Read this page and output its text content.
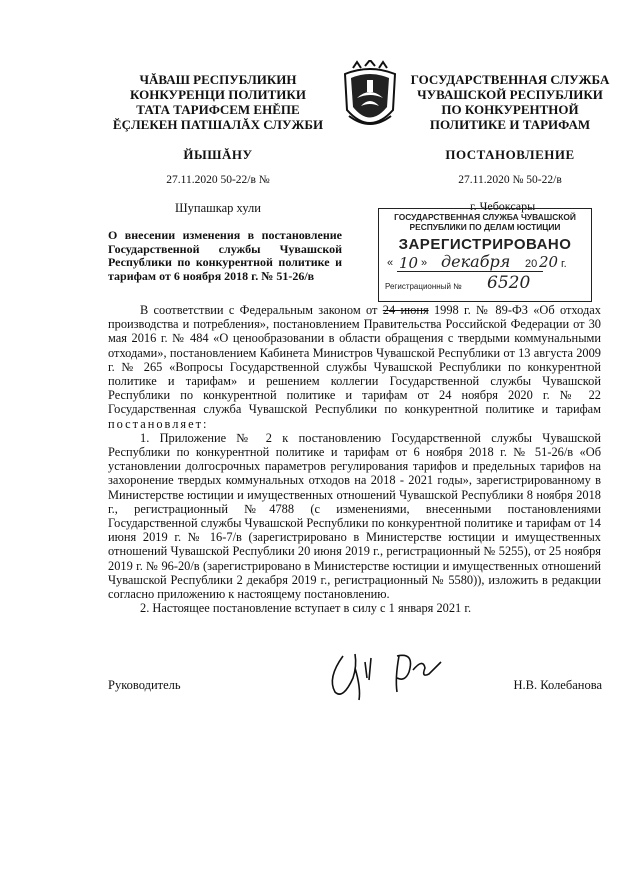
ЧĂВАШ РЕСПУБЛИКИН
КОНКУРЕНЦИ ПОЛИТИКИ
ТАТА ТАРИФСЕМ ЕНĚПЕ
ĔÇЛЕКЕН ПАТШАЛĂХ СЛУЖБИ
ГОСУДАРСТВЕННАЯ СЛУЖБА
ЧУВАШСКОЙ РЕСПУБЛИКИ
ПО КОНКУРЕНТНОЙ
ПОЛИТИКЕ И ТАРИФАМ
ЙЫШĂНУ	ПОСТАНОВЛЕНИЕ
27.11.2020 50-22/в №	27.11.2020 № 50-22/в
Шупашкар хули	г. Чебоксары
ГОСУДАРСТВЕННАЯ СЛУЖБА ЧУВАШСКОЙ
РЕСПУБЛИКИ ПО ДЕЛАМ ЮСТИЦИИ
ЗАРЕГИСТРИРОВАНО
« 10 » декабря 20 20 г.
Регистрационный № 6520
О внесении изменения в постановление Государственной службы Чувашской Республики по конкурентной политике и тарифам от 6 ноября 2018 г. № 51-26/в

В соответствии с Федеральным законом от 24 июня 1998 г. № 89-ФЗ «Об отходах производства и потребления», постановлением Правительства Российской Федерации от 30 мая 2016 г. № 484 «О ценообразовании в области обращения с твердыми коммунальными отходами», постановлением Кабинета Министров Чувашской Республики от 13 августа 2009 г. № 265 «Вопросы Государственной службы Чувашской Республики по конкурентной политике и тарифам» и решением коллегии Государственной службы Чувашской Республики по конкурентной политике и тарифам от 24 ноября 2020 г. № 22 Государственная служба Чувашской Республики по конкурентной политике и тарифам постановляет:

1. Приложение № 2 к постановлению Государственной службы Чувашской Республики по конкурентной политике и тарифам от 6 ноября 2018 г. № 51-26/в «Об установлении долгосрочных параметров регулирования тарифов и предельных тарифов на захоронение твердых коммунальных отходов на 2018 - 2021 годы», зарегистрированному в Министерстве юстиции и имущественных отношений Чувашской Республики 8 ноября 2018 г., регистрационный №4788 (с изменениями, внесенными постановлениями Государственной службы Чувашской Республики по конкурентной политике и тарифам от 14 июня 2019 г. № 16-7/в (зарегистрировано в Министерстве юстиции и имущественных отношений Чувашской Республики 20 июня 2019 г., регистрационный № 5255), от 25 ноября 2019 г. № 96-20/в (зарегистрировано в Министерстве юстиции и имущественных отношений Чувашской Республики 2 декабря 2019 г., регистрационный № 5580)), изложить в редакции согласно приложению к настоящему постановлению.

2. Настоящее постановление вступает в силу с 1 января 2021 г.

Руководитель	Н.В. Колебанова
